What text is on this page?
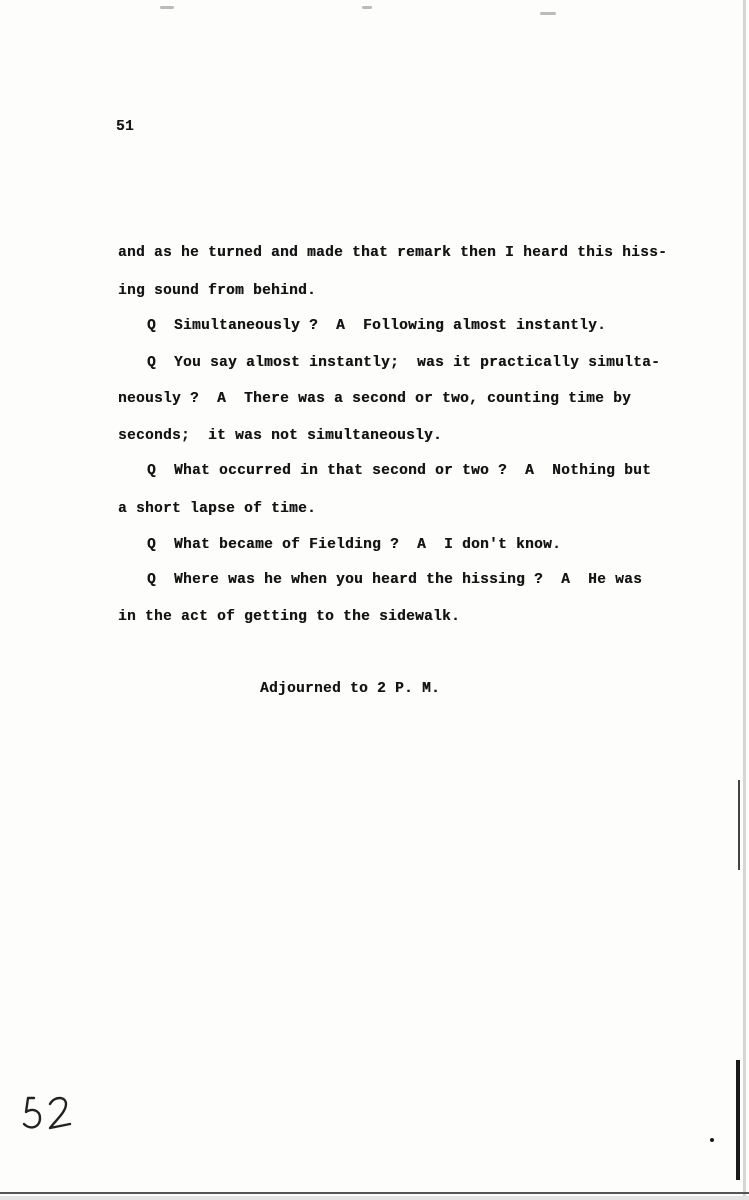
51
and as he turned and made that remark then I heard this hiss-
ing sound from behind.
Q  Simultaneously ?  A  Following almost instantly.
Q  You say almost instantly;  was it practically simulta-
neously ?  A  There was a second or two, counting time by
seconds;  it was not simultaneously.
Q  What occurred in that second or two ?  A  Nothing but
a short lapse of time.
Q  What became of Fielding ?  A  I don't know.
Q  Where was he when you heard the hissing ?  A  He was
in the act of getting to the sidewalk.
Adjourned to 2 P. M.
